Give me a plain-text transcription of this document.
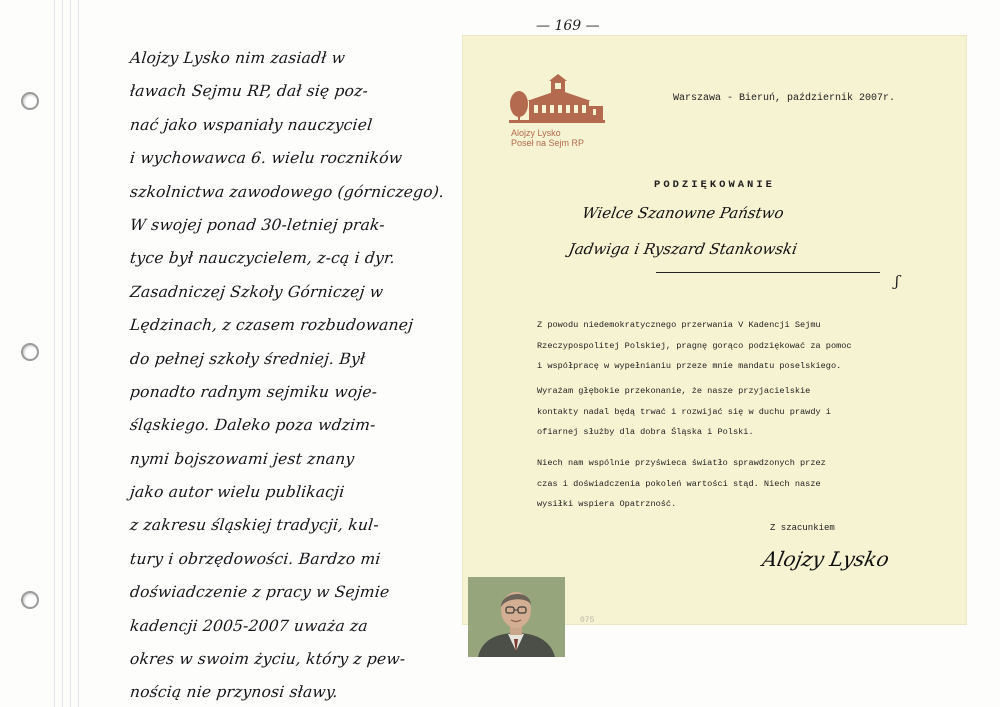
— 169 —
Alojzy Lysko nim zasiadł w
ławach Sejmu RP, dał się poz-
nać jako wspaniały nauczyciel
i wychowawca 6. wielu roczników
szkolnictwa zawodowego (górniczego).
W swojej ponad 30-letniej prak-
tyce był nauczycielem, z-cą i dyr.
Zasadniczej Szkoły Górniczej w
Lędzinach, z czasem rozbudowanej
do pełnej szkoły średniej. Był
ponadto radnym sejmiku woje-
śląskiego. Daleko poza wdzim-
nymi bojszowami jest znany
jako autor wielu publikacji
z zakresu śląskiej tradycji, kul-
tury i obrzędowości. Bardzo mi
doświadczenie z pracy w Sejmie
kadencji 2005-2007 uważa za
okres w swoim życiu, który z pew-
nością nie przynosi sławy.
Alojzy Lysko
Poseł na Sejm RP
Warszawa - Bieruń, październik 2007r.
PODZIĘKOWANIE
Wielce Szanowne Państwo
Jadwiga i Ryszard Stankowski
ʃ
Z powodu niedemokratycznego przerwania V Kadencji Sejmu
Rzeczypospolitej Polskiej, pragnę gorąco podziękować za pomoc
i współpracę w wypełnianiu przeze mnie mandatu poselskiego.
Wyrażam głębokie przekonanie, że nasze przyjacielskie
kontakty nadal będą trwać i rozwijać się w duchu prawdy i
ofiarnej służby dla dobra Śląska i Polski.
Niech nam wspólnie przyświeca światło sprawdzonych przez
czas i doświadczenia pokoleń wartości stąd. Niech nasze
wysiłki wspiera Opatrzność.
Z szacunkiem
Alojzy Lysko
075
